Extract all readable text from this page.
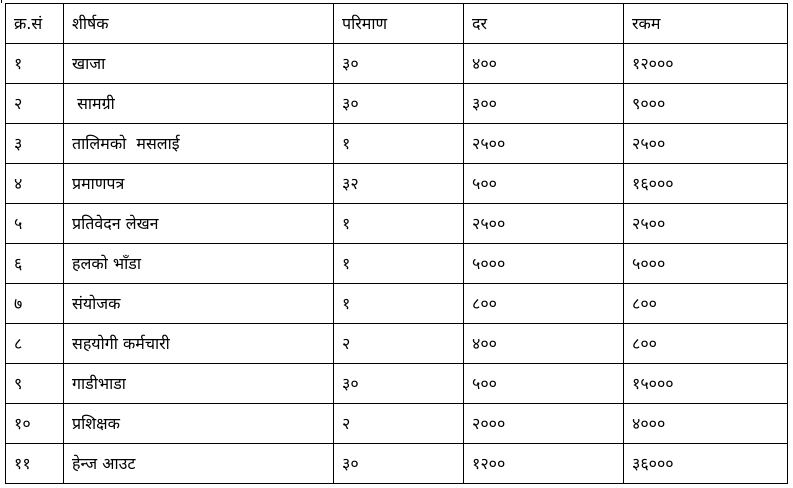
क्र.सं	शीर्षक	परिमाण	दर	रकम
१	खाजा	३०	४००	१२०००
२	सामग्री	३०	३००	९०००
३	तालिमको  मसलाई	१	२५००	२५००
४	प्रमाणपत्र	३२	५००	१६०००
५	प्रतिवेदन लेखन	१	२५००	२५००
६	हलको भाँडा	१	५०००	५०००
७	संयोजक	१	८००	८००
८	सहयोगी कर्मचारी	२	४००	८००
९	गाडीभाडा	३०	५००	१५०००
१०	प्रशिक्षक	२	२०००	४०००
११	हेन्ज आउट	३०	१२००	३६०००
